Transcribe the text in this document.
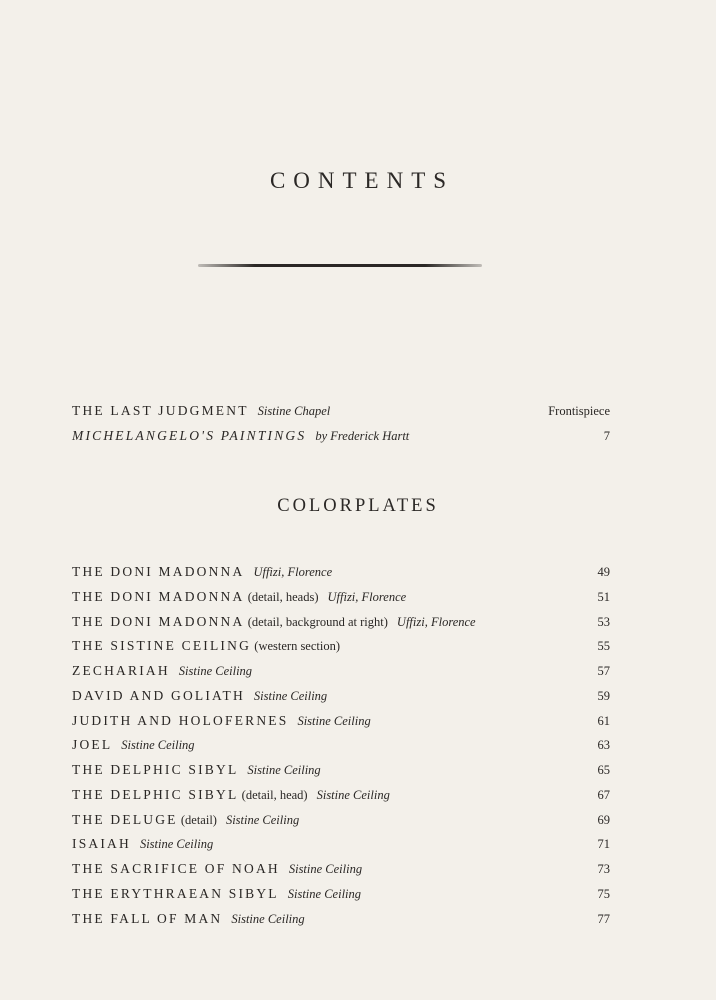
CONTENTS
THE LAST JUDGMENT Sistine Chapel	Frontispiece
MICHELANGELO'S PAINTINGS by Frederick Hartt	7
COLORPLATES
THE DONI MADONNA Uffizi, Florence	49
THE DONI MADONNA (detail, heads) Uffizi, Florence	51
THE DONI MADONNA (detail, background at right) Uffizi, Florence	53
THE SISTINE CEILING (western section)	55
ZECHARIAH Sistine Ceiling	57
DAVID AND GOLIATH Sistine Ceiling	59
JUDITH AND HOLOFERNES Sistine Ceiling	61
JOEL Sistine Ceiling	63
THE DELPHIC SIBYL Sistine Ceiling	65
THE DELPHIC SIBYL (detail, head) Sistine Ceiling	67
THE DELUGE (detail) Sistine Ceiling	69
ISAIAH Sistine Ceiling	71
THE SACRIFICE OF NOAH Sistine Ceiling	73
THE ERYTHRAEAN SIBYL Sistine Ceiling	75
THE FALL OF MAN Sistine Ceiling	77
